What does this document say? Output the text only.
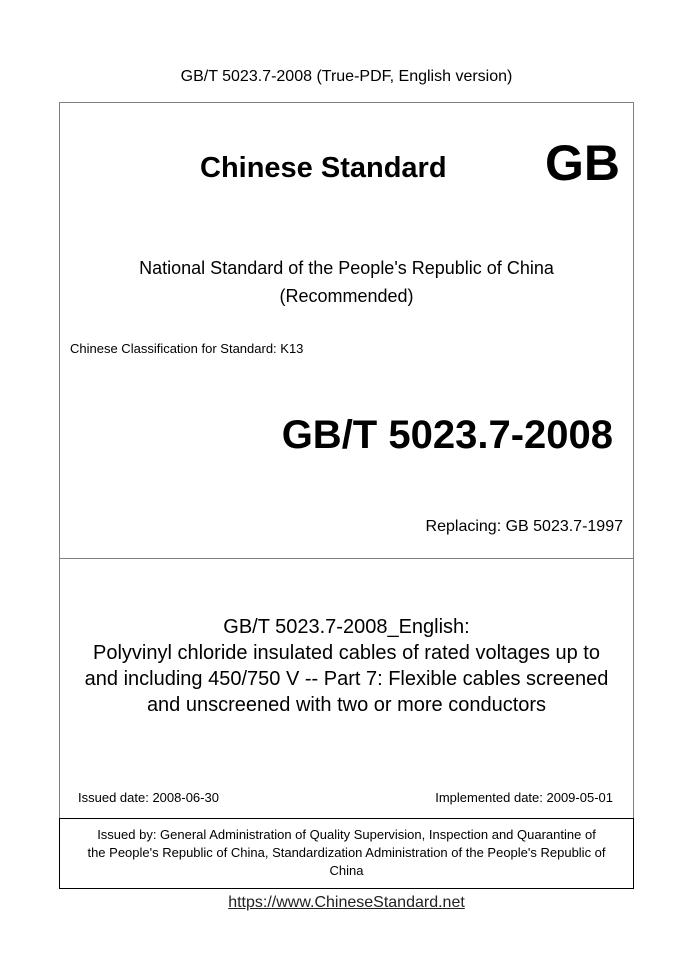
GB/T 5023.7-2008 (True-PDF, English version)
Chinese Standard GB
National Standard of the People's Republic of China
(Recommended)
Chinese Classification for Standard: K13
GB/T 5023.7-2008
Replacing: GB 5023.7-1997
GB/T 5023.7-2008_English:
Polyvinyl chloride insulated cables of rated voltages up to
and including 450/750 V -- Part 7: Flexible cables screened
and unscreened with two or more conductors
Issued date: 2008-06-30	Implemented date: 2009-05-01
Issued by: General Administration of Quality Supervision, Inspection and Quarantine of
the People's Republic of China, Standardization Administration of the People's Republic of
China
https://www.ChineseStandard.net
